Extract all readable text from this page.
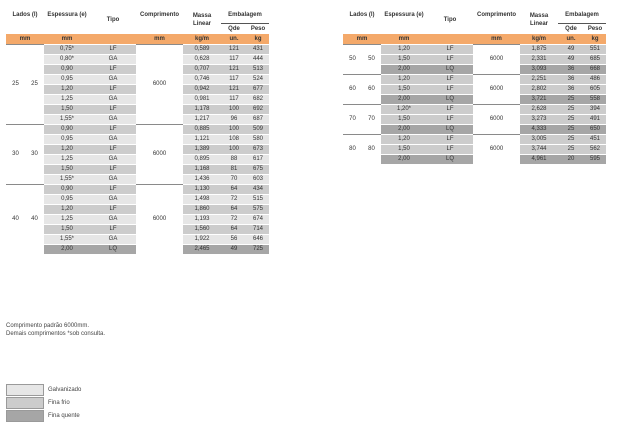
Lados (l)		Espessura (e)	Tipo	Comprimento	Massa
Linear	Embalagem	
						Qde	Peso
mm		mm		mm	kg/m	un.	kg
25	25	0,75*	LF	6000	0,589	121	431
		0,80*	GA		0,628	117	444
		0,90	LF		0,707	121	513
		0,95	GA		0,746	117	524
		1,20	LF		0,942	121	677
		1,25	GA		0,981	117	682
		1,50	LF		1,178	100	692
		1,55*	GA		1,217	96	687
30	30	0,90	LF	6000	0,885	100	509
		0,95	GA		1,121	108	580
		1,20	LF		1,389	100	673
		1,25	GA		0,895	88	617
		1,50	LF		1,168	81	675
		1,55*	GA		1,436	70	603
40	40	0,90	LF	6000	1,130	64	434
		0,95	GA		1,498	72	515
		1,20	LF		1,860	64	575
		1,25	GA		1,193	72	674
		1,50	LF		1,560	64	714
		1,55*	GA		1,922	56	646
		2,00	LQ		2,465	49	725
Lados (l)		Espessura (e)	Tipo	Comprimento	Massa
Linear	Embalagem	
						Qde	Peso
mm		mm		mm	kg/m	un.	kg
50	50	1,20	LF	6000	1,875	49	551
		1,50	LF		2,331	49	685
		2,00	LQ		3,093	36	668
60	60	1,20	LF	6000	2,251	36	486
		1,50	LF		2,802	36	605
		2,00	LQ		3,721	25	558
70	70	1,20*	LF	6000	2,628	25	394
		1,50	LF		3,273	25	491
		2,00	LQ		4,333	25	650
80	80	1,20	LF	6000	3,005	25	451
		1,50	LF		3,744	25	562
		2,00	LQ		4,961	20	595
Comprimento padrão 6000mm.
Demais comprimentos *sob consulta.
Galvanizado
Fina frio
Fina quente
